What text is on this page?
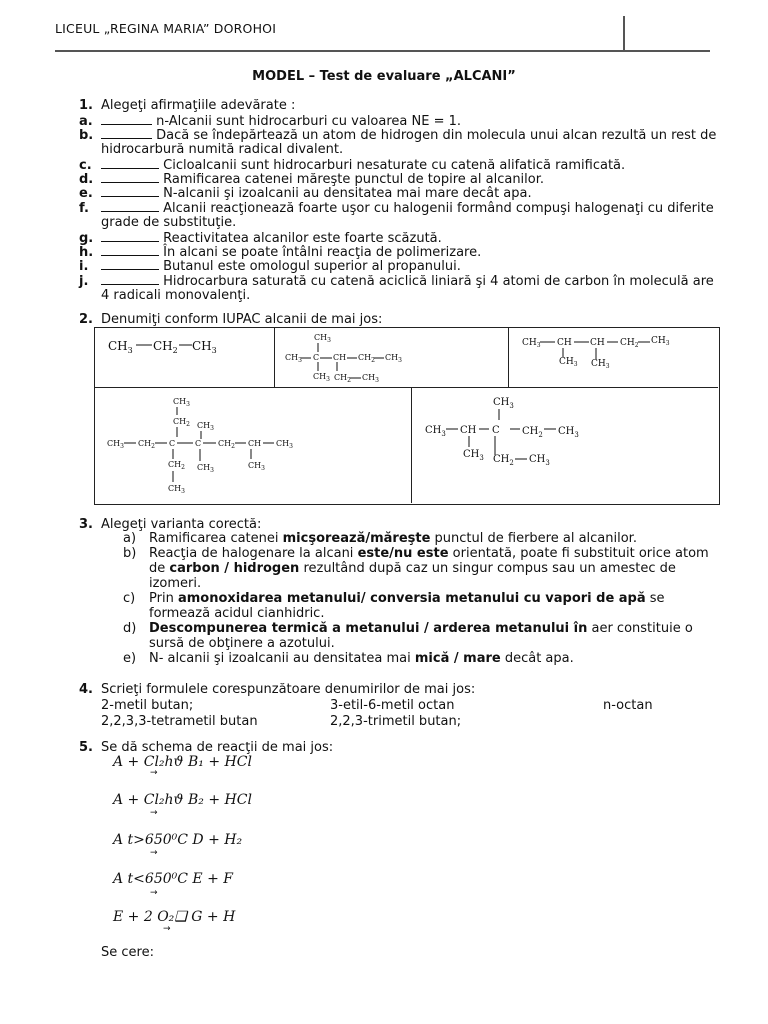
LICEUL „REGINA MARIA” DOROHOI
MODEL – Test de evaluare „ALCANI”
1. Alegeţi afirmaţiile adevărate :
a.	n-Alcanii sunt hidrocarburi cu valoarea NE = 1.
b.	Dacă se îndepărtează un atom de hidrogen din molecula unui alcan rezultă un rest de
hidrocarbură numită radical divalent.
c.	Cicloalcanii sunt hidrocarburi nesaturate cu catenă alifatică ramificată.
d.	Ramificarea catenei măreşte punctul de topire al alcanilor.
e.	N-alcanii şi izoalcanii au densitatea mai mare decât apa.
f.	Alcanii reacţionează foarte uşor cu halogenii formând compuşi halogenaţi cu diferite
grade de substituţie.
g.	Reactivitatea alcanilor este foarte scăzută.
h.	În alcani se poate întâlni reacţia de polimerizare.
i.	Butanul este omologul superior al propanului.
j.	Hidrocarbura saturată cu catenă aciclică liniară şi 4 atomi de carbon în moleculă are
4 radicali monovalenţi.
2. Denumiţi conform IUPAC alcanii de mai jos:
$CH_3$ $CH_2$ $CH_3$
$CH_3$
$CH_3$ C CH $CH_2$ $CH_3$
$CH_3$ $CH_2$ $CH_3$
$CH_3$ CH CH $CH_2$ $CH_3$
$CH_3$ $CH_3$
$CH_3$
$CH_2$ $CH_3$
$CH_3$ $CH_2$ C C $CH_2$ CH $CH_3$
$CH_2$ $CH_3$
$CH_3$
$CH_3$
$CH_3$
$CH_3$ CH C $CH_2$ $CH_3$
$CH_3$ $CH_2$ $CH_3$
3. Alegeţi varianta corectă:
a) Ramificarea catenei micşorează/măreşte punctul de fierbere al alcanilor.
b) Reacţia de halogenare la alcani este/nu este orientată, poate fi substituit orice atom
de carbon / hidrogen rezultând după caz un singur compus sau un amestec de
izomeri.
c) Prin amonoxidarea metanului/ conversia metanului cu vapori de apă se
formează acidul cianhidric.
d) Descompunerea termică a metanului / arderea metanului în aer constituie o
sursă de obţinere a azotului.
e) N- alcanii şi izoalcanii au densitatea mai mică / mare decât apa.
4. Scrieţi formulele corespunzătoare denumirilor de mai jos:
2-metil butan;	3-etil-6-metil octan	n-octan
2,2,3,3-tetrametil butan	2,2,3-trimetil butan;
5. Se dă schema de reacţii de mai jos:
A + Cl₂hϑ B₁ + HCl
→
A + Cl₂hϑ B₂ + HCl
→
A t>650⁰C D + H₂
→
A t<650⁰C E + F
→
E + 2 O₂❑ G + H
→
Se cere:
